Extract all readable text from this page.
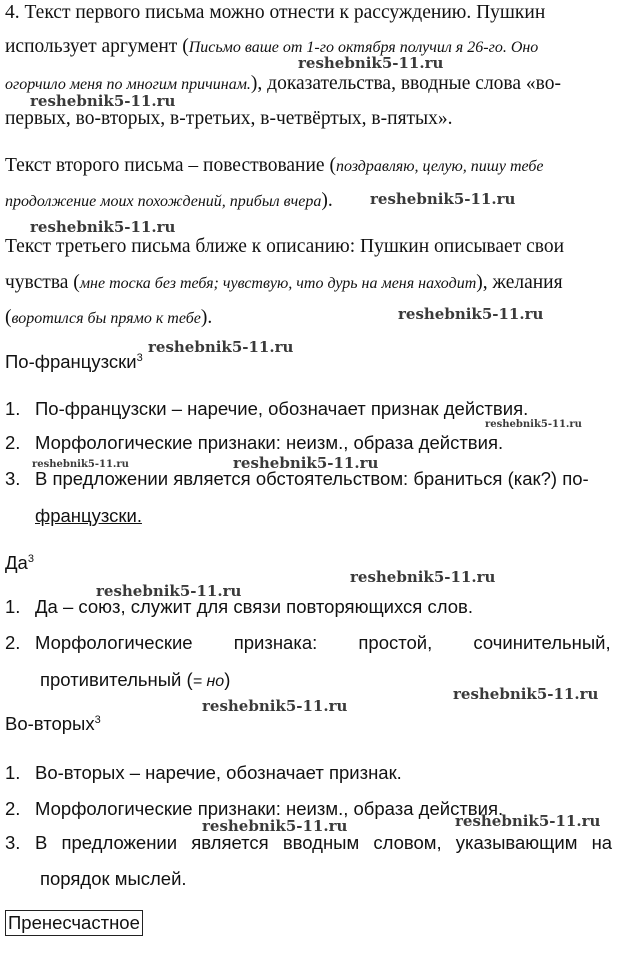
4. Текст первого письма можно отнести к рассуждению. Пушкин
использует аргумент (Письмо ваше от 1-го октября получил я 26-го. Оно
огорчило меня по многим причинам.), доказательства, вводные слова «во-
первых, во-вторых, в-третьих, в-четвёртых, в-пятых».
Текст второго письма – повествование (поздравляю, целую, пишу тебе
продолжение моих похождений, прибыл вчера).
Текст третьего письма ближе к описанию: Пушкин описывает свои
чувства (мне тоска без тебя; чувствую, что дурь на меня находит), желания
(воротился бы прямо к тебе).
По-французски$^3$
1. По-французски – наречие, обозначает признак действия.
2. Морфологические признаки: неизм., образа действия.
3. В предложении является обстоятельством: браниться (как?) по-
французски.
$Да^3$
1. Да – союз, служит для связи повторяющихся слов.
2. Морфологические признака: простой, сочинительный,
противительный (= но)
Во-вторых$^3$
1. Во-вторых – наречие, обозначает признак.
2. Морфологические признаки: неизм., образа действия.
3. В предложении является вводным словом, указывающим на
порядок мыслей.
Пренесчастное
reshebnik5-11.ru
reshebnik5-11.ru
reshebnik5-11.ru
reshebnik5-11.ru
reshebnik5-11.ru
reshebnik5-11.ru
reshebnik5-11.ru
reshebnik5-11.ru	reshebnik5-11.ru
reshebnik5-11.ru
reshebnik5-11.ru
reshebnik5-11.ru
reshebnik5-11.ru
reshebnik5-11.ru
reshebnik5-11.ru
